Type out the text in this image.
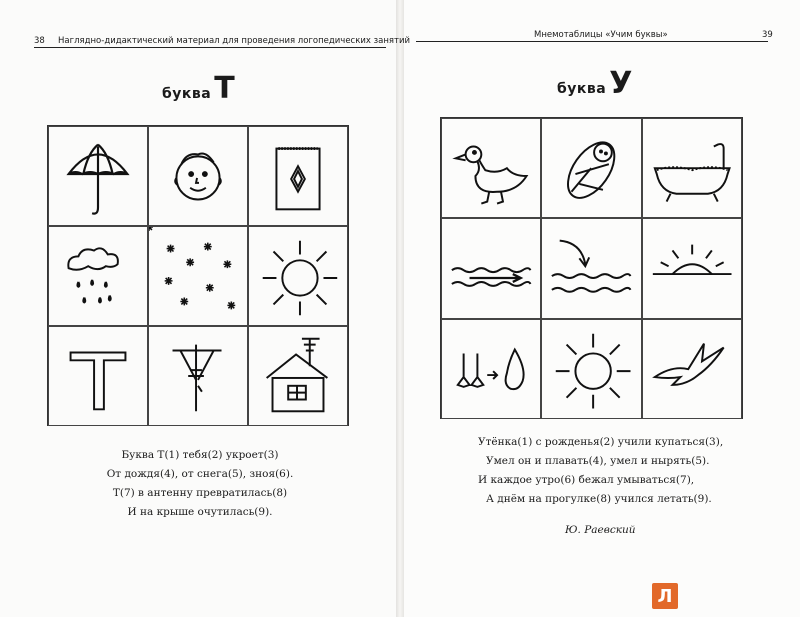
38 Наглядно-дидактический материал для проведения логопедических занятий
Мнемотаблицы «Учим буквы»	39
буква Т	буква У
Буква Т(1) тебя(2) укроет(3)
От дождя(4), от снега(5), зноя(6).
Т(7) в антенну превратилась(8)
И на крыше очутилась(9).
Утёнка(1) с рожденья(2) учили купаться(3),
Умел он и плавать(4), умел и нырять(5).
И каждое утро(6) бежал умываться(7),
А днём на прогулке(8) учился летать(9).
Ю. Раевский
Л
